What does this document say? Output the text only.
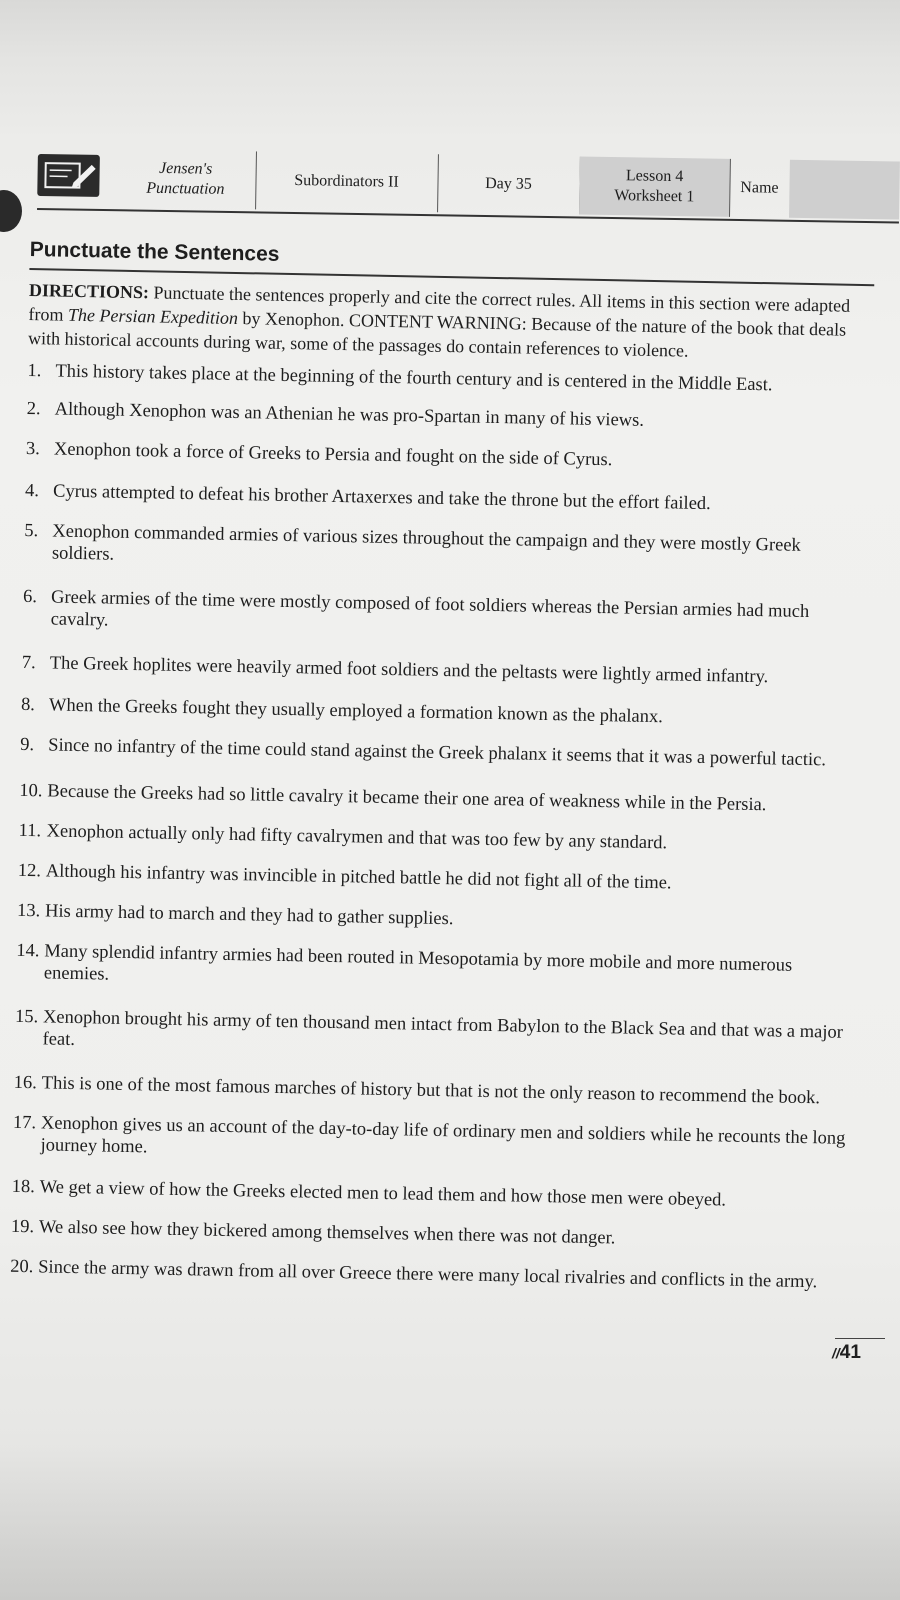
Jensen's
Punctuation	Subordinators II	Day 35	Lesson 4
Worksheet 1	Name
Punctuate the Sentences

DIRECTIONS: Punctuate the sentences properly and cite the correct rules. All items in this section were adapted from The Persian Expedition by Xenophon. CONTENT WARNING: Because of the nature of the book that deals with historical accounts during war, some of the passages do contain references to violence.

1. This history takes place at the beginning of the fourth century and is centered in the Middle East.
2. Although Xenophon was an Athenian he was pro-Spartan in many of his views.
3. Xenophon took a force of Greeks to Persia and fought on the side of Cyrus.
4. Cyrus attempted to defeat his brother Artaxerxes and take the throne but the effort failed.
5. Xenophon commanded armies of various sizes throughout the campaign and they were mostly Greek soldiers.
6. Greek armies of the time were mostly composed of foot soldiers whereas the Persian armies had much cavalry.
7. The Greek hoplites were heavily armed foot soldiers and the peltasts were lightly armed infantry.
8. When the Greeks fought they usually employed a formation known as the phalanx.
9. Since no infantry of the time could stand against the Greek phalanx it seems that it was a powerful tactic.
10. Because the Greeks had so little cavalry it became their one area of weakness while in the Persia.
11. Xenophon actually only had fifty cavalrymen and that was too few by any standard.
12. Although his infantry was invincible in pitched battle he did not fight all of the time.
13. His army had to march and they had to gather supplies.
14. Many splendid infantry armies had been routed in Mesopotamia by more mobile and more numerous enemies.
15. Xenophon brought his army of ten thousand men intact from Babylon to the Black Sea and that was a major feat.
16. This is one of the most famous marches of history but that is not the only reason to recommend the book.
17. Xenophon gives us an account of the day-to-day life of ordinary men and soldiers while he recounts the long journey home.
18. We get a view of how the Greeks elected men to lead them and how those men were obeyed.
19. We also see how they bickered among themselves when there was not danger.
20. Since the army was drawn from all over Greece there were many local rivalries and conflicts in the army.
//41
